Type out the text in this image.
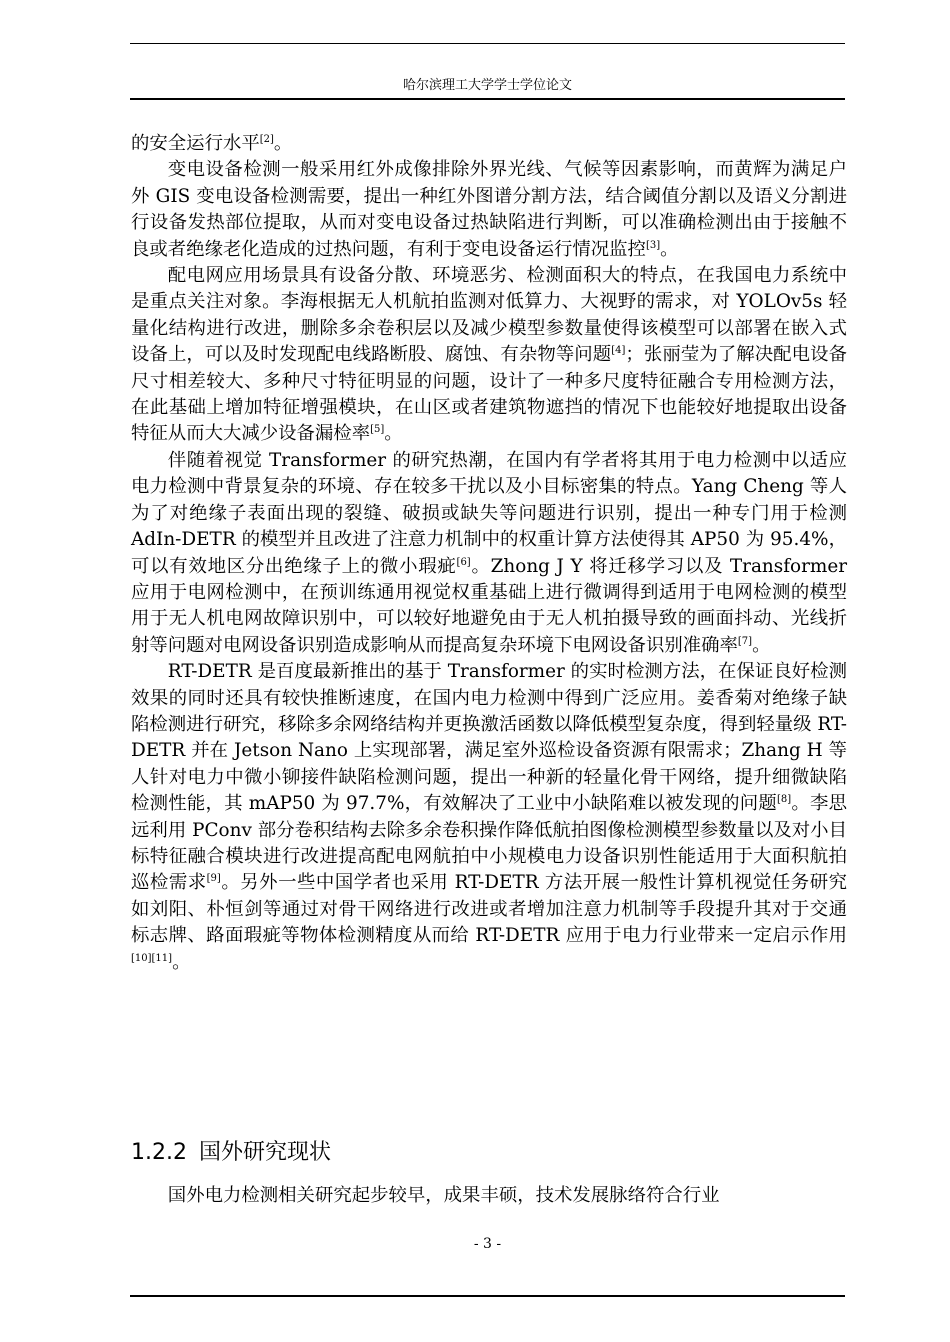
哈尔滨理工大学学士学位论文

的安全运行水平[2]。

变电设备检测一般采用红外成像排除外界光线、气候等因素影响，而黄辉为满足户外 GIS 变电设备检测需要，提出一种红外图谱分割方法，结合阈值分割以及语义分割进行设备发热部位提取，从而对变电设备过热缺陷进行判断，可以准确检测出由于接触不良或者绝缘老化造成的过热问题，有利于变电设备运行情况监控[3]。

配电网应用场景具有设备分散、环境恶劣、检测面积大的特点，在我国电力系统中是重点关注对象。李海根据无人机航拍监测对低算力、大视野的需求，对 YOLOv5s 轻量化结构进行改进，删除多余卷积层以及减少模型参数量使得该模型可以部署在嵌入式设备上，可以及时发现配电线路断股、腐蚀、有杂物等问题[4]；张丽莹为了解决配电设备尺寸相差较大、多种尺寸特征明显的问题，设计了一种多尺度特征融合专用检测方法，在此基础上增加特征增强模块，在山区或者建筑物遮挡的情况下也能较好地提取出设备特征从而大大减少设备漏检率[5]。

伴随着视觉 Transformer 的研究热潮，在国内有学者将其用于电力检测中以适应电力检测中背景复杂的环境、存在较多干扰以及小目标密集的特点。Yang Cheng 等人为了对绝缘子表面出现的裂缝、破损或缺失等问题进行识别，提出一种专门用于检测 AdIn-DETR 的模型并且改进了注意力机制中的权重计算方法使得其 AP50 为 95.4%，可以有效地区分出绝缘子上的微小瑕疵[6]。Zhong J Y 将迁移学习以及 Transformer 应用于电网检测中，在预训练通用视觉权重基础上进行微调得到适用于电网检测的模型用于无人机电网故障识别中，可以较好地避免由于无人机拍摄导致的画面抖动、光线折射等问题对电网设备识别造成影响从而提高复杂环境下电网设备识别准确率[7]。

RT-DETR 是百度最新推出的基于 Transformer 的实时检测方法，在保证良好检测效果的同时还具有较快推断速度，在国内电力检测中得到广泛应用。姜香菊对绝缘子缺陷检测进行研究，移除多余网络结构并更换激活函数以降低模型复杂度，得到轻量级 RT-DETR 并在 Jetson Nano 上实现部署，满足室外巡检设备资源有限需求；Zhang H 等人针对电力中微小铆接件缺陷检测问题，提出一种新的轻量化骨干网络，提升细微缺陷检测性能，其 mAP50 为 97.7%，有效解决了工业中小缺陷难以被发现的问题[8]。李思远利用 PConv 部分卷积结构去除多余卷积操作降低航拍图像检测模型参数量以及对小目标特征融合模块进行改进提高配电网航拍中小规模电力设备识别性能适用于大面积航拍巡检需求[9]。另外一些中国学者也采用 RT-DETR 方法开展一般性计算机视觉任务研究如刘阳、朴恒剑等通过对骨干网络进行改进或者增加注意力机制等手段提升其对于交通标志牌、路面瑕疵等物体检测精度从而给 RT-DETR 应用于电力行业带来一定启示作用[10][11]。

1.2.2 国外研究现状

国外电力检测相关研究起步较早，成果丰硕，技术发展脉络符合行业

- 3 -
